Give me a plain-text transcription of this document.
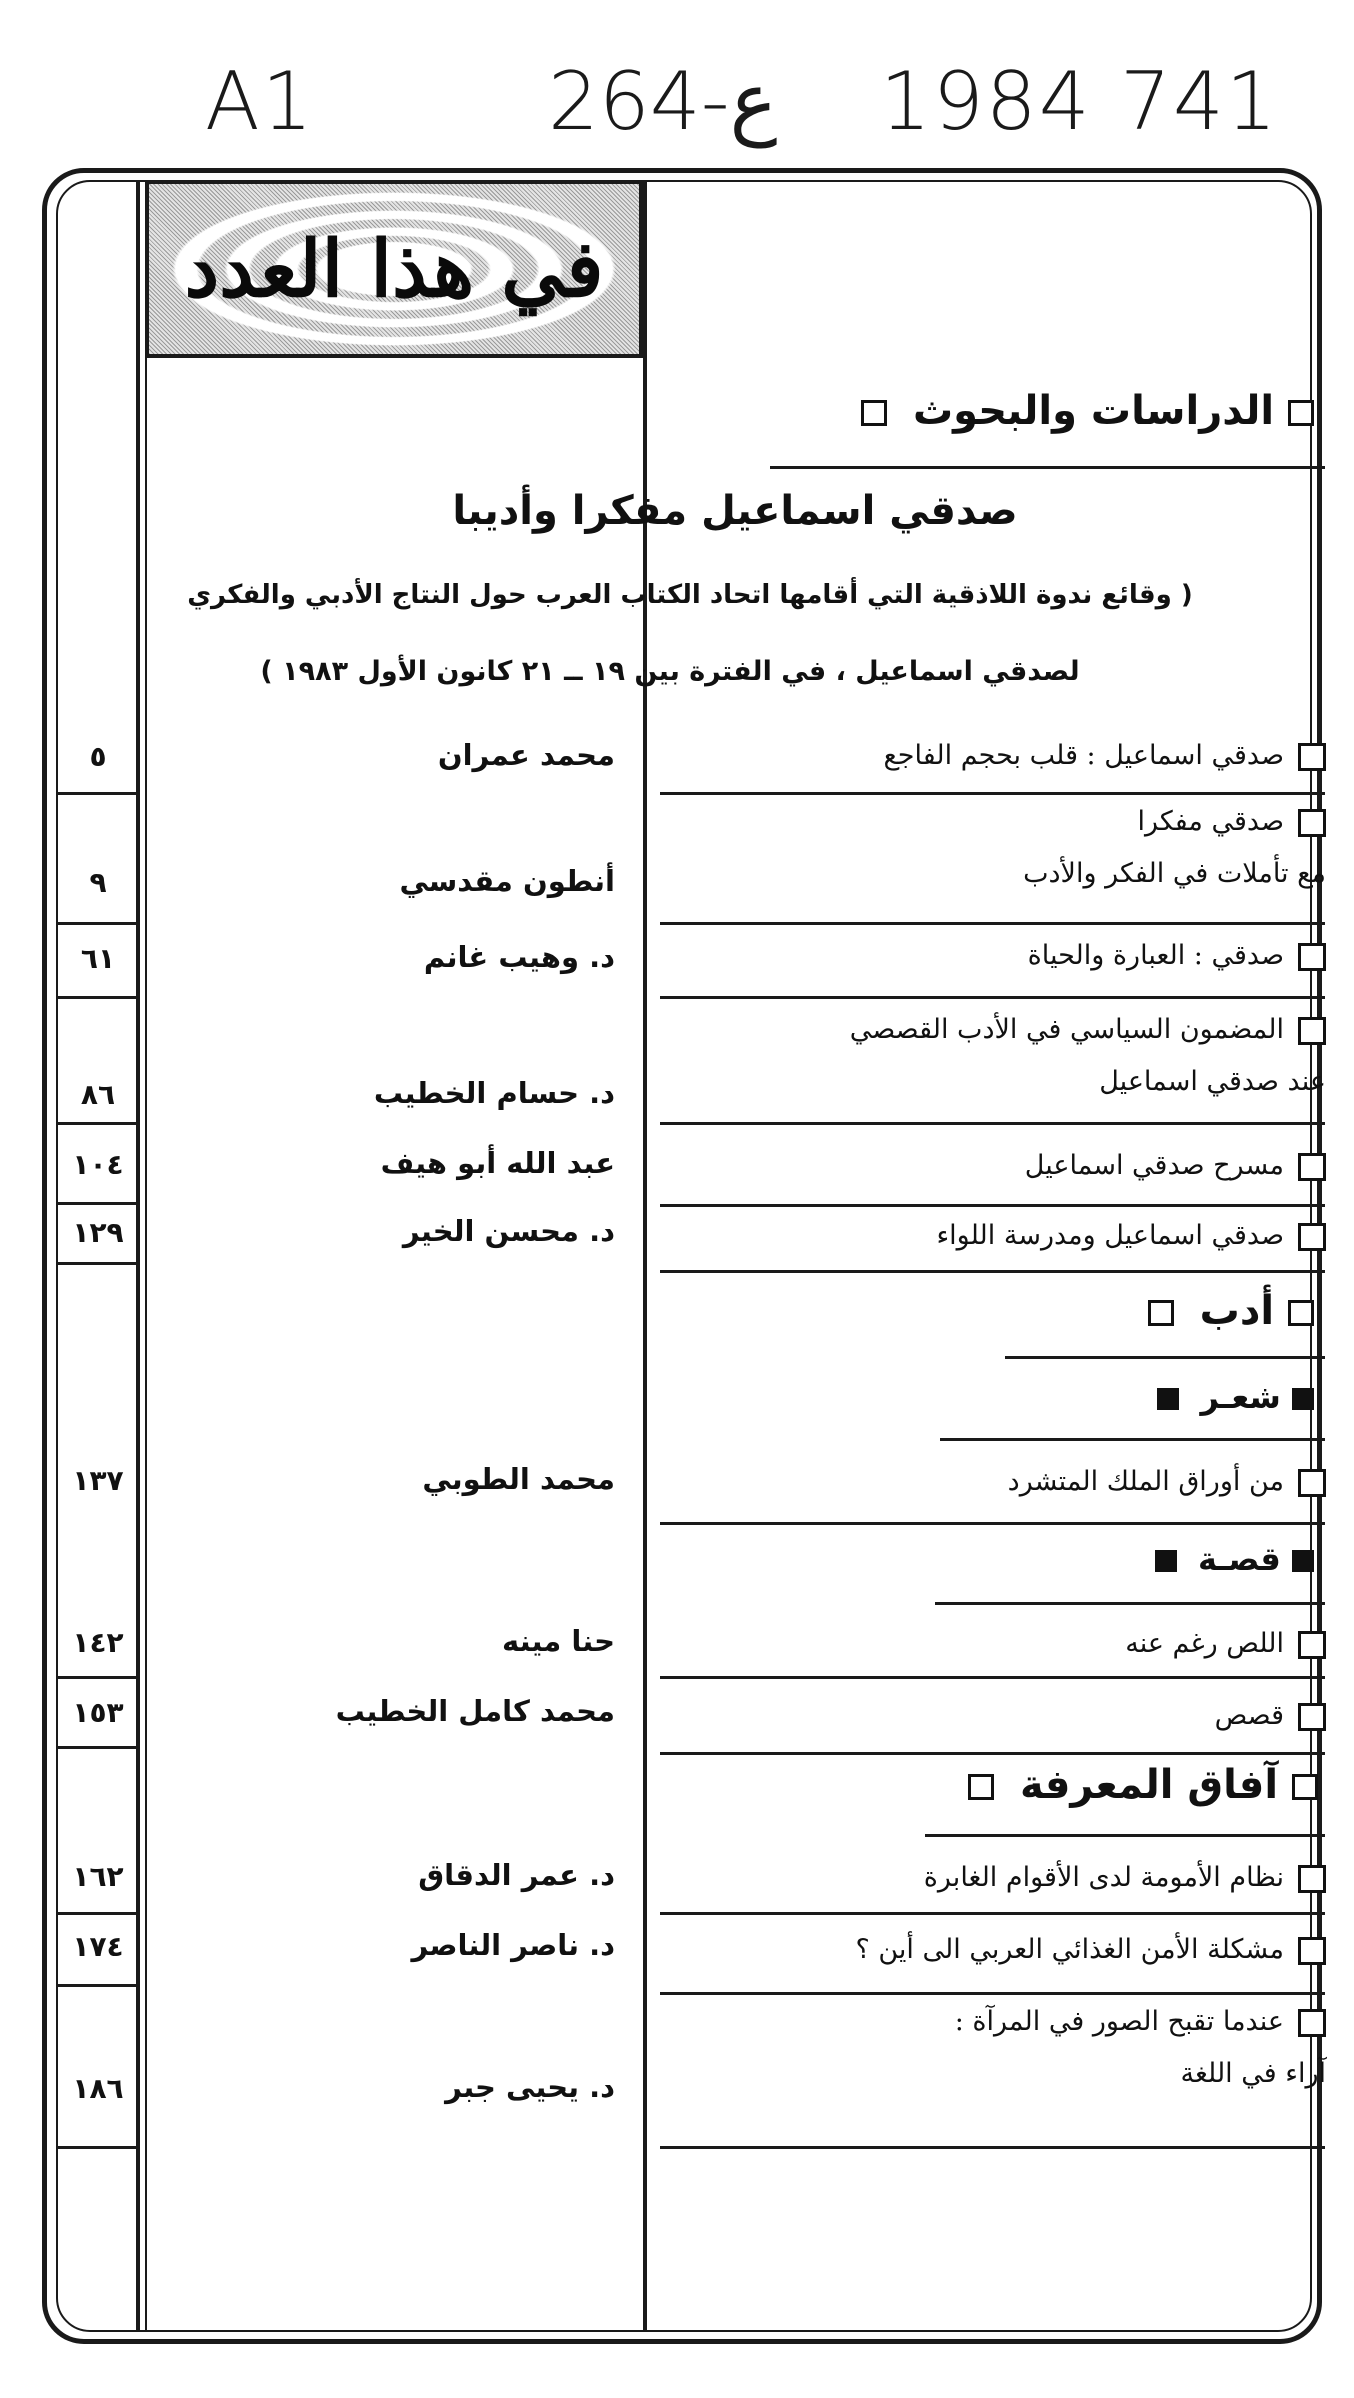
A1	264-ع 1984 741
في هذا العدد
الدراسات والبحوث
صدقي اسماعيل مفكرا وأديبا
( وقائع ندوة اللاذقية التي أقامها اتحاد الكتاب العرب حول النتاج الأدبي والفكري
لصدقي اسماعيل ، في الفترة بين ١٩ ــ ٢١ كانون الأول ١٩٨٣ )
صدقي اسماعيل : قلب بحجم الفاجع
محمد عمران
٥
صدقي مفكرا
مع تأملات في الفكر والأدب
أنطون مقدسي
٩
صدقي : العبارة والحياة
د. وهيب غانم
٦١
المضمون السياسي في الأدب القصصي
عند صدقي اسماعيل
د. حسام الخطيب
٨٦
مسرح صدقي اسماعيل
عبد الله أبو هيف
١٠٤
صدقي اسماعيل ومدرسة اللواء
د. محسن الخير
١٢٩
أدب
شعـر
من أوراق الملك المتشرد
محمد الطوبي
١٣٧
قصـة
اللص رغم عنه
حنا مينه
١٤٢
قصص
محمد كامل الخطيب
١٥٣
آفاق المعرفة
نظام الأمومة لدى الأقوام الغابرة
د. عمر الدقاق
١٦٢
مشكلة الأمن الغذائي العربي الى أين ؟
د. ناصر الناصر
١٧٤
عندما تقبح الصور في المرآة :
آراء في اللغة
د. يحيى جبر
١٨٦
